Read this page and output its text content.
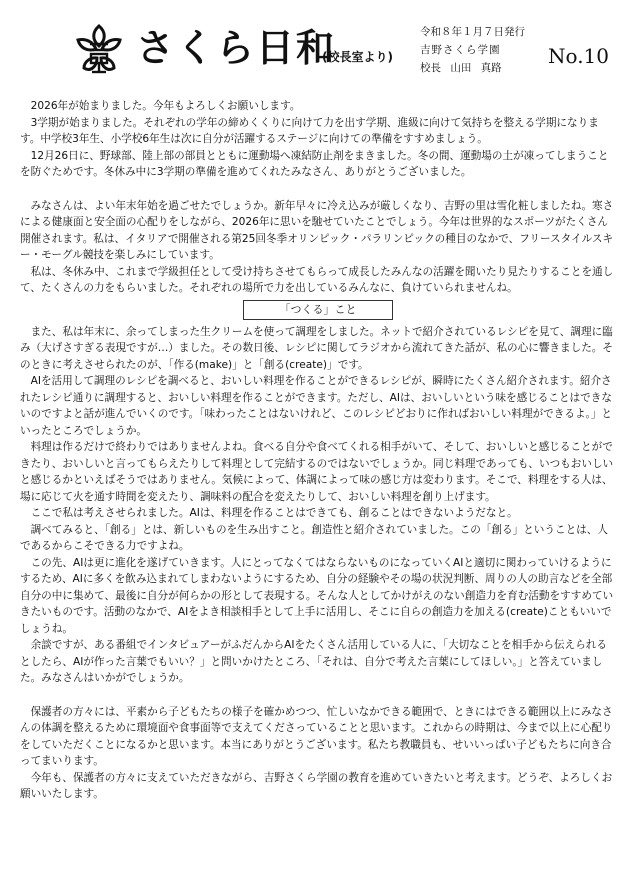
さくら日和
(校長室より)
令和８年１月７日発行
吉野さくら学園
校長 山田 真路 No.10

2026年が始まりました。今年もよろしくお願いします。

3学期が始まりました。それぞれの学年の締めくくりに向けて力を出す学期、進級に向けて気持ちを整える学期になります。中学校3年生、小学校6年生は次に自分が活躍するステージに向けての準備をすすめましょう。

12月26日に、野球部、陸上部の部員とともに運動場へ凍結防止剤をまきました。冬の間、運動場の土が凍ってしまうことを防ぐためです。冬休み中に3学期の準備を進めてくれたみなさん、ありがとうございました。

みなさんは、よい年末年始を過ごせたでしょうか。新年早々に冷え込みが厳しくなり、吉野の里は雪化粧しましたね。寒さによる健康面と安全面の心配りをしながら、2026年に思いを馳せていたことでしょう。今年は世界的なスポーツがたくさん開催されます。私は、イタリアで開催される第25回冬季オリンピック・パラリンピックの種目のなかで、フリースタイルスキー・モーグル競技を楽しみにしています。

私は、冬休み中、これまで学級担任として受け持ちさせてもらって成長したみんなの活躍を聞いたり見たりすることを通して、たくさんの力をもらいました。それぞれの場所で力を出しているみんなに、負けていられませんね。

「つくる」こと

また、私は年末に、余ってしまった生クリームを使って調理をしました。ネットで紹介されているレシピを見て、調理に臨み（大げさすぎる表現ですが…）ました。その数日後、レシピに関してラジオから流れてきた話が、私の心に響きました。そのときに考えさせられたのが、「作る(make)」と「創る(create)」です。

AIを活用して調理のレシピを調べると、おいしい料理を作ることができるレシピが、瞬時にたくさん紹介されます。紹介されたレシピ通りに調理すると、おいしい料理を作ることができます。ただし、AIは、おいしいという味を感じることはできないのですよと話が進んでいくのです。「味わったことはないけれど、このレシピどおりに作ればおいしい料理ができるよ。」といったところでしょうか。

料理は作るだけで終わりではありませんよね。食べる自分や食べてくれる相手がいて、そして、おいしいと感じることができたり、おいしいと言ってもらえたりして料理として完結するのではないでしょうか。同じ料理であっても、いつもおいしいと感じるかといえばそうではありません。気候によって、体調によって味の感じ方は変わります。そこで、料理をする人は、場に応じて火を通す時間を変えたり、調味料の配合を変えたりして、おいしい料理を創り上げます。

ここで私は考えさせられました。AIは、料理を作ることはできても、創ることはできないようだなと。

調べてみると、「創る」とは、新しいものを生み出すこと。創造性と紹介されていました。この「創る」ということは、人であるからこそできる力ですよね。

この先、AIは更に進化を遂げていきます。人にとってなくてはならないものになっていくAIと適切に関わっていけるようにするため、AIに多くを飲み込まれてしまわないようにするため、自分の経験やその場の状況判断、周りの人の助言などを全部自分の中に集めて、最後に自分が何らかの形として表現する。そんな人としてかけがえのない創造力を育む活動をすすめていきたいものです。活動のなかで、AIをよき相談相手として上手に活用し、そこに自らの創造力を加える(create)こともいいでしょうね。

余談ですが、ある番組でインタビュアーがふだんからAIをたくさん活用している人に、「大切なことを相手から伝えられるとしたら、AIが作った言葉でもいい？」と問いかけたところ、「それは、自分で考えた言葉にしてほしい。」と答えていました。みなさんはいかがでしょうか。

保護者の方々には、平素から子どもたちの様子を確かめつつ、忙しいなかできる範囲で、ときにはできる範囲以上にみなさんの体調を整えるために環境面や食事面等で支えてくださっていることと思います。これからの時期は、今まで以上に心配りをしていただくことになるかと思います。本当にありがとうございます。私たち教職員も、せいいっぱい子どもたちに向き合ってまいります。

今年も、保護者の方々に支えていただきながら、吉野さくら学園の教育を進めていきたいと考えます。どうぞ、よろしくお願いいたします。
